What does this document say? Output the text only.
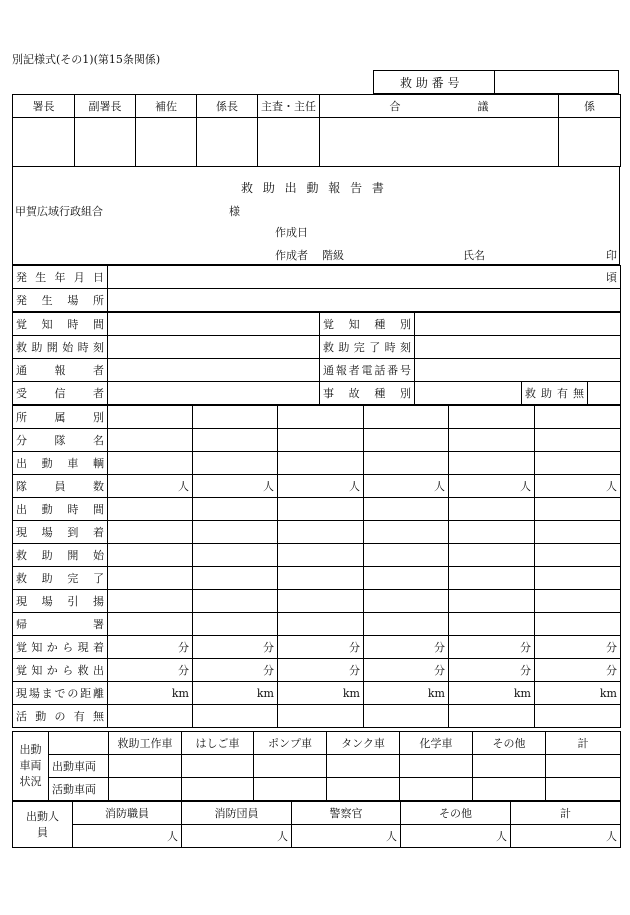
別記様式(その1)(第15条関係)
救 助 番 号
署長	副署長	補佐	係長	主査・主任	合　　　　　　　議	係

救 助 出 動 報 告 書
甲賀広域行政組合	様
作成日
作成者 階級	氏名	印
発生年月日	頃
発生場所	
覚知時間		覚知種別			
救助開始時刻		救助完了時刻			
通報者		通報者電話番号			
受信者		事故種別		救助有無	
所属別						
分隊名						
出動車輌						
隊員数	人	人	人	人	人	人
出動時間						
現場到着						
救助開始						
救助完了						
現場引揚						
帰署						
覚知から現着	分	分	分	分	分	分
覚知から救出	分	分	分	分	分	分
現場までの距離	km	km	km	km	km	km
活動の有無						
出動車両状況		救助工作車	はしご車	ポンプ車	タンク車	化学車	その他	計
	出動車両							
	活動車両							
出動人員	消防職員	消防団員	警察官	その他	計
	人	人	人	人	人
